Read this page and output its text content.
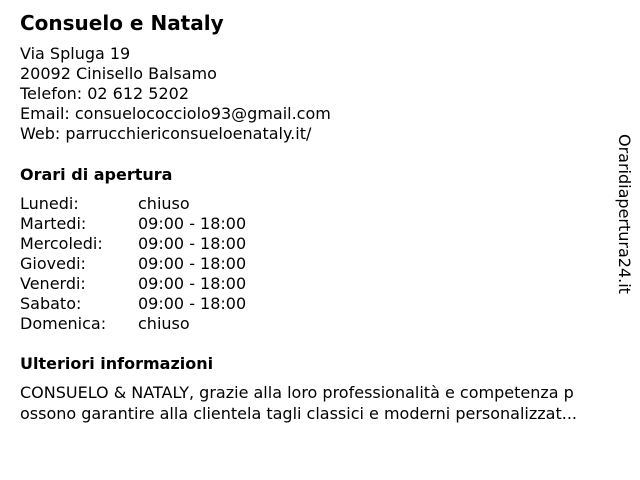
Consuelo e Nataly
Via Spluga 19
20092 Cinisello Balsamo
Telefon: 02 612 5202
Email: consuelococciolo93@gmail.com
Web: parrucchiericonsueloenataly.it/
Orari di apertura
Lunedi:	chiuso
Martedi:	09:00 - 18:00
Mercoledi:	09:00 - 18:00
Giovedi:	09:00 - 18:00
Venerdi:	09:00 - 18:00
Sabato:	09:00 - 18:00
Domenica:	chiuso
Ulteriori informazioni
CONSUELO & NATALY, grazie alla loro professionalità e competenza p
ossono garantire alla clientela tagli classici e moderni personalizzat...
Oraridiapertura24.it
